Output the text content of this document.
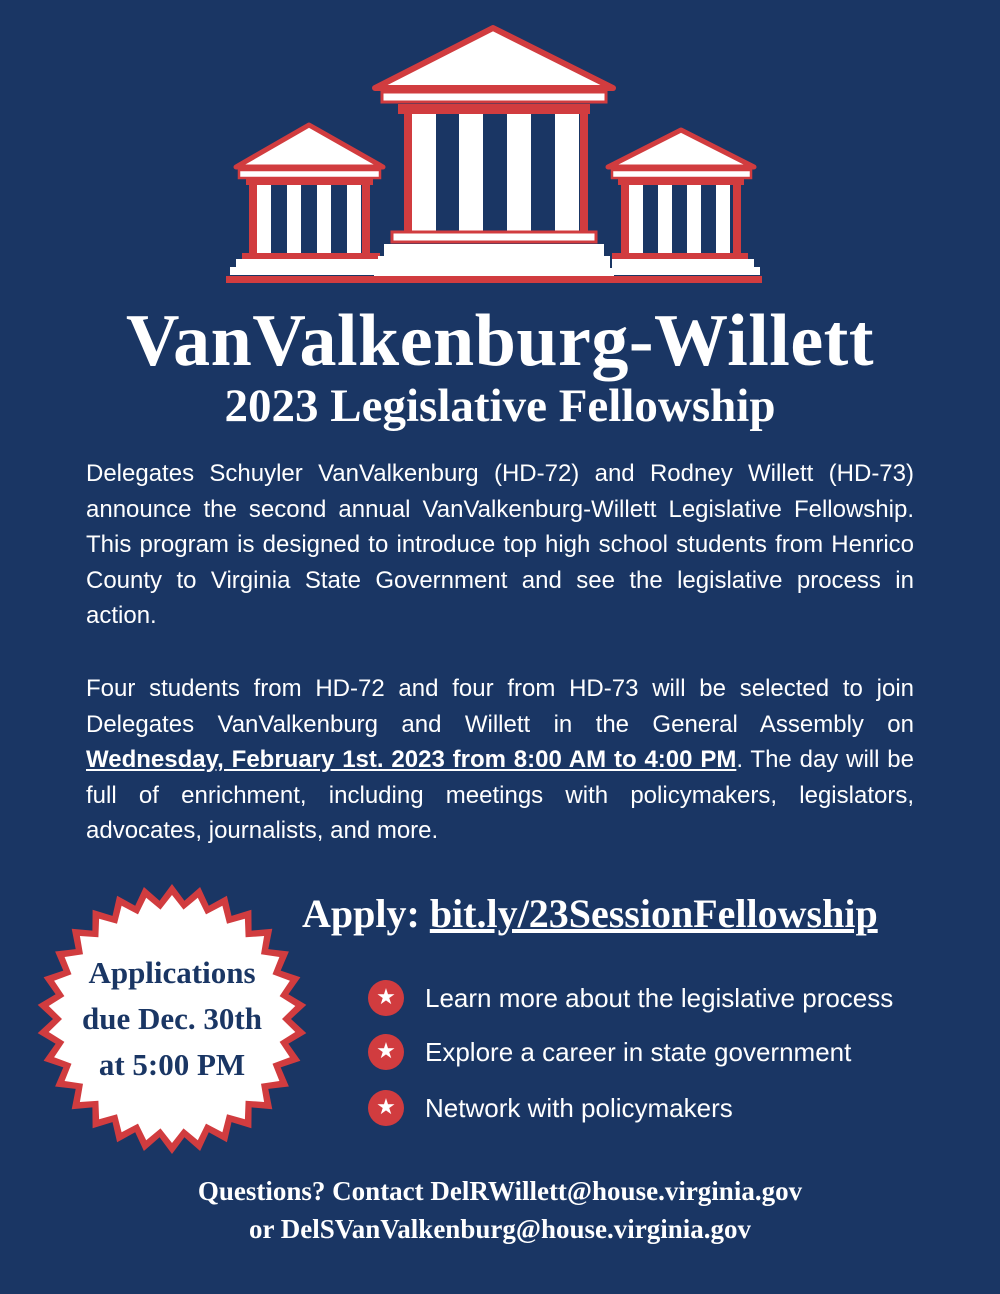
VanValkenburg-Willett
2023 Legislative Fellowship

Delegates Schuyler VanValkenburg (HD-72) and Rodney Willett (HD-73) announce the second annual VanValkenburg-Willett Legislative Fellowship. This program is designed to introduce top high school students from Henrico County to Virginia State Government and see the legislative process in action.

Four students from HD-72 and four from HD-73 will be selected to join Delegates VanValkenburg and Willett in the General Assembly on Wednesday, February 1st. 2023 from 8:00 AM to 4:00 PM. The day will be full of enrichment, including meetings with policymakers, legislators, advocates, journalists, and more.

Apply: bit.ly/23SessionFellowship

Applications
due Dec. 30th
at 5:00 PM

★	Learn more about the legislative process
★	Explore a career in state government
★	Network with policymakers

Questions? Contact DelRWillett@house.virginia.gov
or DelSVanValkenburg@house.virginia.gov
